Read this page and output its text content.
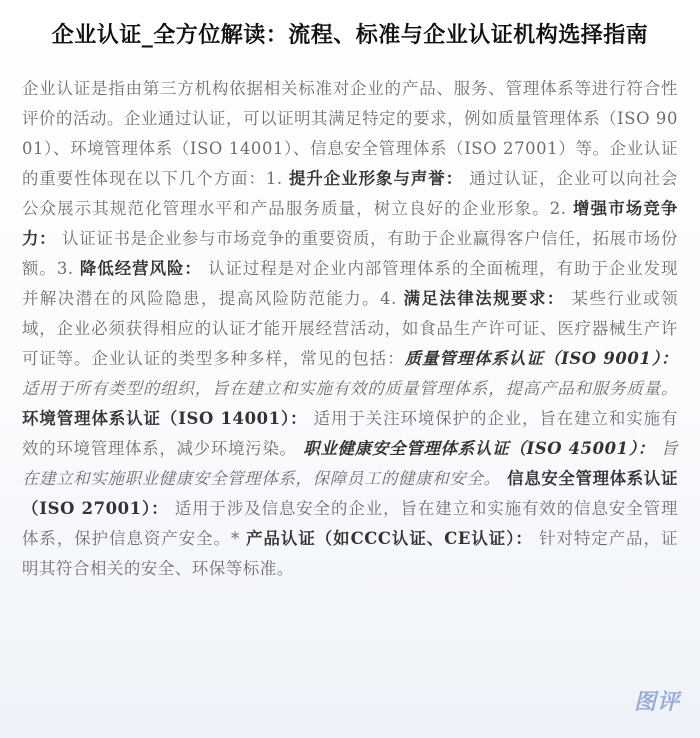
企业认证_全方位解读：流程、标准与企业认证机构选择指南

企业认证是指由第三方机构依据相关标准对企业的产品、服务、管理体系等进行符合性评价的活动。企业通过认证，可以证明其满足特定的要求，例如质量管理体系（ISO 9001）、环境管理体系（ISO 14001）、信息安全管理体系（ISO 27001）等。企业认证的重要性体现在以下几个方面：1. 提升企业形象与声誉： 通过认证，企业可以向社会公众展示其规范化管理水平和产品服务质量，树立良好的企业形象。2. 增强市场竞争力： 认证证书是企业参与市场竞争的重要资质，有助于企业赢得客户信任，拓展市场份额。3. 降低经营风险： 认证过程是对企业内部管理体系的全面梳理，有助于企业发现并解决潜在的风险隐患，提高风险防范能力。4. 满足法律法规要求： 某些行业或领域，企业必须获得相应的认证才能开展经营活动，如食品生产许可证、医疗器械生产许可证等。企业认证的类型多种多样，常见的包括：质量管理体系认证（ISO 9001）： 适用于所有类型的组织，旨在建立和实施有效的质量管理体系，提高产品和服务质量。 环境管理体系认证（ISO 14001）： 适用于关注环境保护的企业，旨在建立和实施有效的环境管理体系，减少环境污染。 职业健康安全管理体系认证（ISO 45001）： 旨在建立和实施职业健康安全管理体系，保障员工的健康和安全。 信息安全管理体系认证（ISO 27001）： 适用于涉及信息安全的企业，旨在建立和实施有效的信息安全管理体系，保护信息资产安全。* 产品认证（如CCC认证、CE认证）： 针对特定产品，证明其符合相关的安全、环保等标准。

图评
